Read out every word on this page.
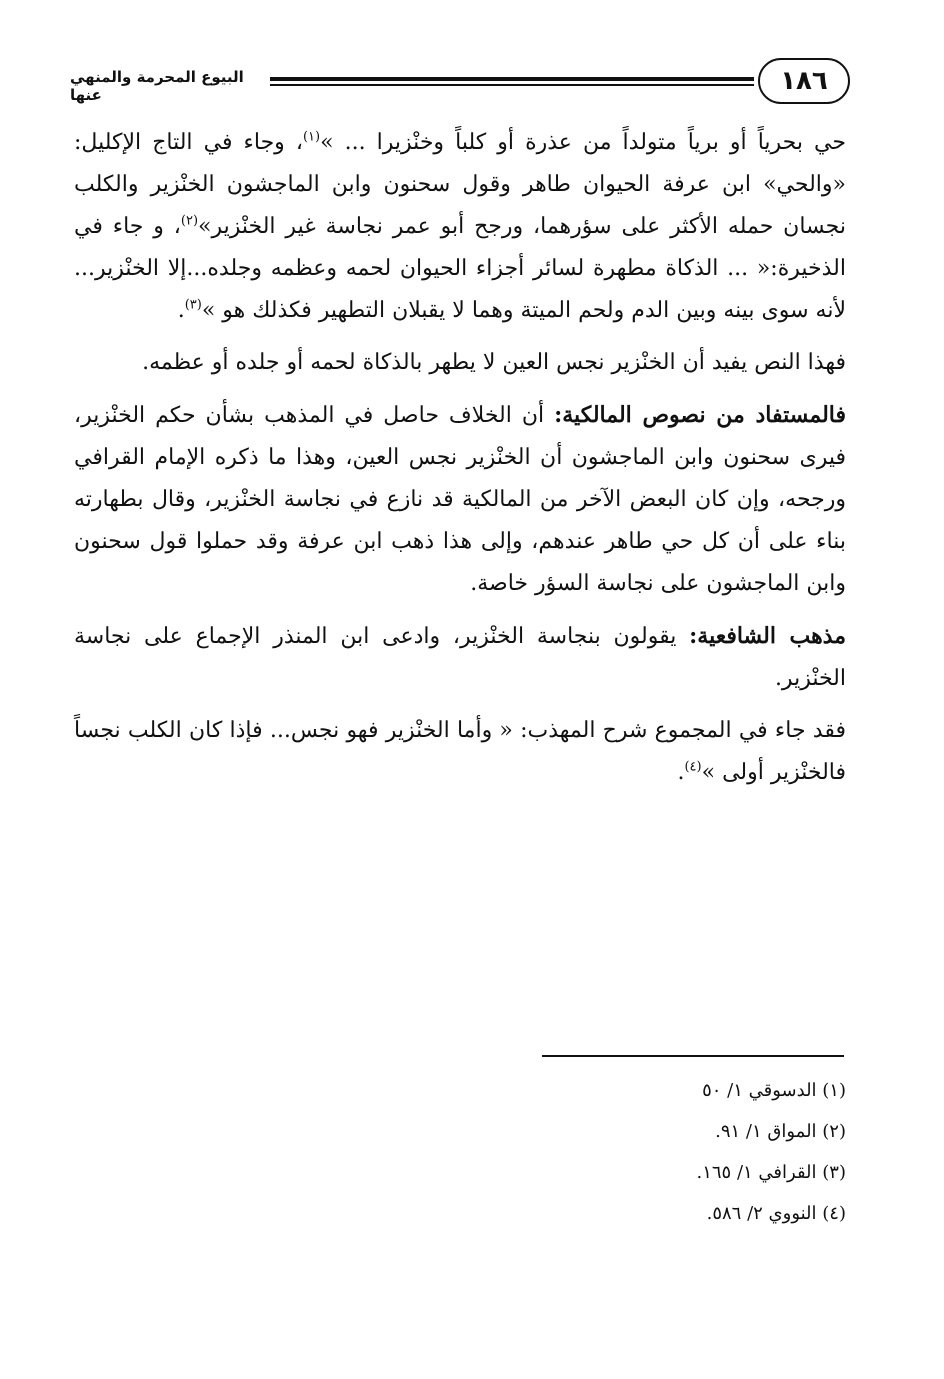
١٨٦
البيوع المحرمة والمنهي عنها

حي بحرياً أو برياً متولداً من عذرة أو كلباً وخنْزيرا ... »$^{(١)}$، وجاء في التاج الإكليل: «والحي» ابن عرفة الحيوان طاهر وقول سحنون وابن الماجشون الخنْزير والكلب نجسان حمله الأكثر على سؤرهما، ورجح أبو عمر نجاسة غير الخنْزير»$^{(٢)}$، و جاء في الذخيرة:« ... الذكاة مطهرة لسائر أجزاء الحيوان لحمه وعظمه وجلده...إلا الخنْزير... لأنه سوى بينه وبين الدم ولحم الميتة وهما لا يقبلان التطهير فكذلك هو »$^{(٣)}$.

فهذا النص يفيد أن الخنْزير نجس العين لا يطهر بالذكاة لحمه أو جلده أو عظمه.

فالمستفاد من نصوص المالكية: أن الخلاف حاصل في المذهب بشأن حكم الخنْزير، فيرى سحنون وابن الماجشون أن الخنْزير نجس العين، وهذا ما ذكره الإمام القرافي ورجحه، وإن كان البعض الآخر من المالكية قد نازع في نجاسة الخنْزير، وقال بطهارته بناء على أن كل حي طاهر عندهم، وإلى هذا ذهب ابن عرفة وقد حملوا قول سحنون وابن الماجشون على نجاسة السؤر خاصة.

مذهب الشافعية: يقولون بنجاسة الخنْزير، وادعى ابن المنذر الإجماع على نجاسة الخنْزير.

فقد جاء في المجموع شرح المهذب: « وأما الخنْزير فهو نجس... فإذا كان الكلب نجساً فالخنْزير أولى »$^{(٤)}$.

(١) الدسوقي ١/ ٥٠
(٢) المواق ١/ ٩١.
(٣) القرافي ١/ ١٦٥.
(٤) النووي ٢/ ٥٨٦.
